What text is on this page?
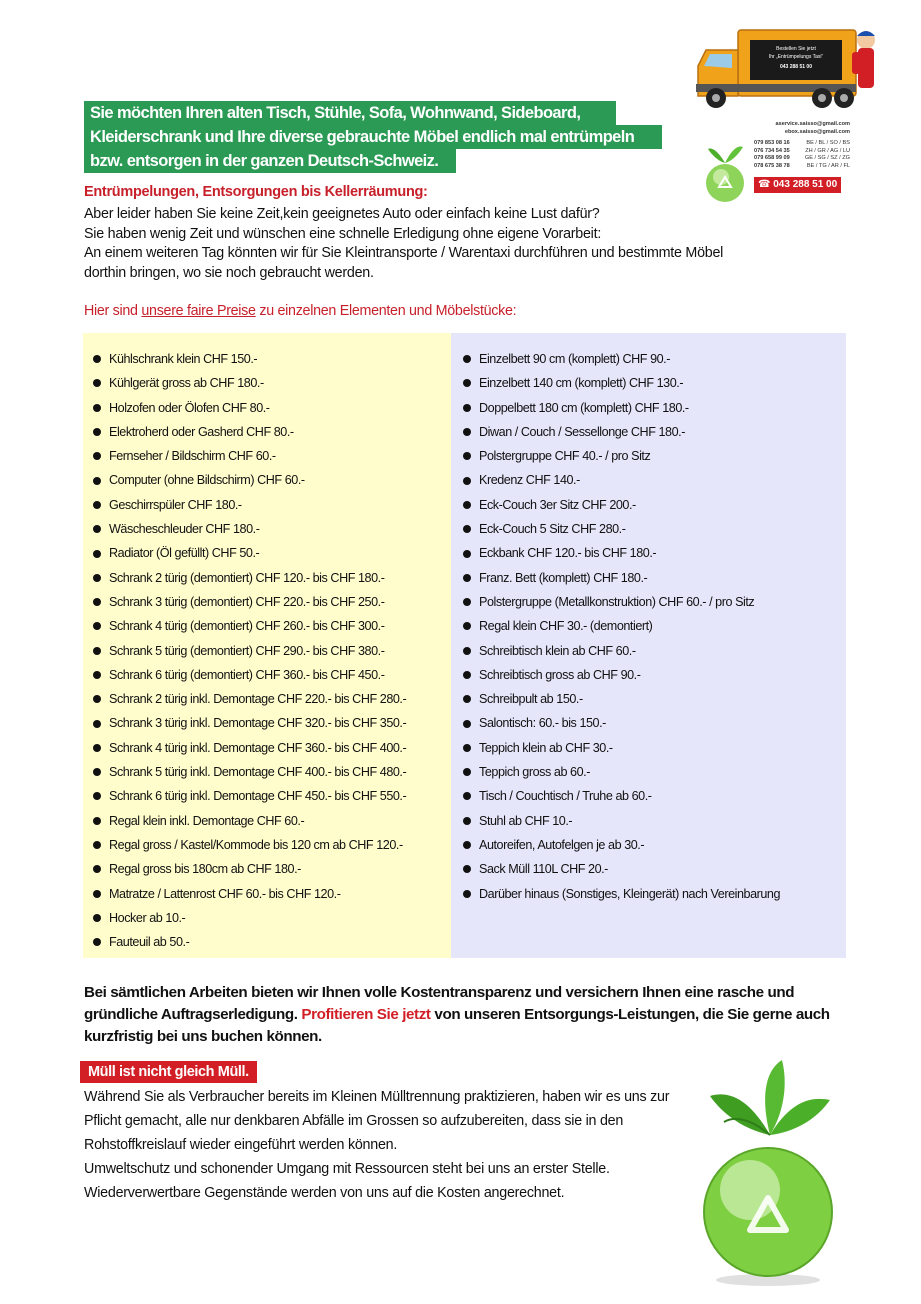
Sie möchten Ihren alten Tisch, Stühle, Sofa, Wohnwand, Sideboard,
Kleiderschrank und Ihre diverse gebrauchte Möbel endlich mal entrümpeln
bzw. entsorgen in der ganzen Deutsch-Schweiz.
Bestellen Sie jetzt
Ihr „Entrümpelungs Taxi“
043 288 51 00
aservice.saisso@gmail.com
ebox.saisso@gmail.com
079 853 08 16	BE / BL / SO / BS
076 734 54 35	ZH / GR / AG / LU
079 658 99 09	GE / SG / SZ / ZG
078 675 38 78	BE / TG / AR / FL
☎ 043 288 51 00
Entrümpelungen, Entsorgungen bis Kellerräumung:
Aber leider haben Sie keine Zeit,kein geeignetes Auto oder einfach keine Lust dafür?
Sie haben wenig Zeit und wünschen eine schnelle Erledigung ohne eigene Vorarbeit:
An einem weiteren Tag könnten wir für Sie Kleintransporte / Warentaxi durchführen und bestimmte Möbel
dorthin bringen, wo sie noch gebraucht werden.
Hier sind unsere faire Preise zu einzelnen Elementen und Möbelstücke:
Kühlschrank klein CHF 150.-
Kühlgerät gross ab CHF 180.-
Holzofen oder Ölofen CHF 80.-
Elektroherd oder Gasherd CHF 80.-
Fernseher / Bildschirm CHF 60.-
Computer (ohne Bildschirm) CHF 60.-
Geschirrspüler CHF 180.-
Wäscheschleuder CHF 180.-
Radiator (Öl gefüllt) CHF 50.-
Schrank 2 türig (demontiert) CHF 120.- bis CHF 180.-
Schrank 3 türig (demontiert) CHF 220.- bis CHF 250.-
Schrank 4 türig (demontiert) CHF 260.- bis CHF 300.-
Schrank 5 türig (demontiert) CHF 290.- bis CHF 380.-
Schrank 6 türig (demontiert) CHF 360.- bis CHF 450.-
Schrank 2 türig inkl. Demontage CHF 220.- bis CHF 280.-
Schrank 3 türig inkl. Demontage CHF 320.- bis CHF 350.-
Schrank 4 türig inkl. Demontage CHF 360.- bis CHF 400.-
Schrank 5 türig inkl. Demontage CHF 400.- bis CHF 480.-
Schrank 6 türig inkl. Demontage CHF 450.- bis CHF 550.-
Regal klein inkl. Demontage CHF 60.-
Regal gross / Kastel/Kommode bis 120 cm ab CHF 120.-
Regal gross bis 180cm ab CHF 180.-
Matratze / Lattenrost CHF 60.- bis CHF 120.-
Hocker ab 10.-
Fauteuil ab 50.-
Einzelbett 90 cm (komplett) CHF 90.-
Einzelbett 140 cm (komplett) CHF 130.-
Doppelbett 180 cm (komplett) CHF 180.-
Diwan / Couch / Sessellonge CHF 180.-
Polstergruppe CHF 40.- / pro Sitz
Kredenz CHF 140.-
Eck-Couch 3er Sitz CHF 200.-
Eck-Couch 5 Sitz CHF 280.-
Eckbank CHF 120.- bis CHF 180.-
Franz. Bett (komplett) CHF 180.-
Polstergruppe (Metallkonstruktion) CHF 60.- / pro Sitz
Regal klein CHF 30.- (demontiert)
Schreibtisch klein ab CHF 60.-
Schreibtisch gross ab CHF 90.-
Schreibpult ab 150.-
Salontisch: 60.- bis 150.-
Teppich klein ab CHF 30.-
Teppich gross ab 60.-
Tisch / Couchtisch / Truhe ab 60.-
Stuhl ab CHF 10.-
Autoreifen, Autofelgen je ab 30.-
Sack Müll 110L CHF 20.-
Darüber hinaus (Sonstiges, Kleingerät) nach Vereinbarung
Bei sämtlichen Arbeiten bieten wir Ihnen volle Kostentransparenz und versichern Ihnen eine rasche und gründliche Auftragserledigung. Profitieren Sie jetzt von unseren Entsorgungs-Leistungen, die Sie gerne auch kurzfristig bei uns buchen können.
Müll ist nicht gleich Müll.
Während Sie als Verbraucher bereits im Kleinen Mülltrennung praktizieren, haben wir es uns zur
Pflicht gemacht, alle nur denkbaren Abfälle im Grossen so aufzubereiten, dass sie in den
Rohstoffkreislauf wieder eingeführt werden können.
Umweltschutz und schonender Umgang mit Ressourcen steht bei uns an erster Stelle.
Wiederverwertbare Gegenstände werden von uns auf die Kosten angerechnet.
